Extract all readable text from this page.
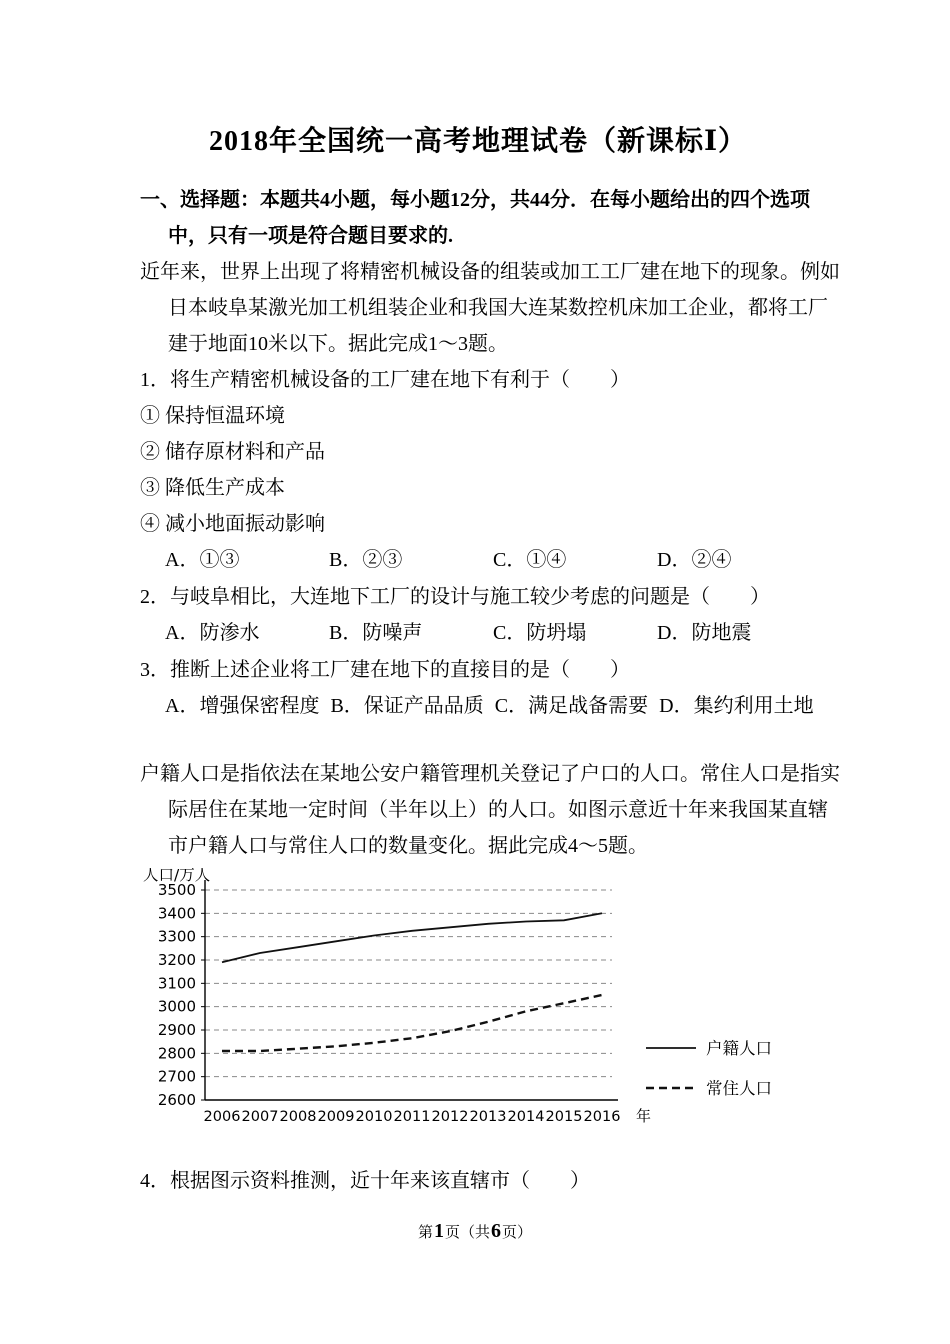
2018年全国统一高考地理试卷（新课标Ⅰ）
一、选择题：本题共4小题，每小题12分，共44分．在每小题给出的四个选项
中，只有一项是符合题目要求的.
近年来，世界上出现了将精密机械设备的组装或加工工厂建在地下的现象。例如
日本岐阜某激光加工机组装企业和我国大连某数控机床加工企业，都将工厂
建于地面10米以下。据此完成1～3题。
1．将生产精密机械设备的工厂建在地下有利于（　　）
① 保持恒温环境
② 储存原材料和产品
③ 降低生产成本
④ 减小地面振动影响
A．①③	B．②③	C．①④	D．②④
2．与岐阜相比，大连地下工厂的设计与施工较少考虑的问题是（　　）
A．防渗水	B．防噪声	C．防坍塌	D．防地震
3．推断上述企业将工厂建在地下的直接目的是（　　）
A．增强保密程度 B．保证产品品质 C．满足战备需要 D．集约利用土地
户籍人口是指依法在某地公安户籍管理机关登记了户口的人口。常住人口是指实
际居住在某地一定时间（半年以上）的人口。如图示意近十年来我国某直辖
市户籍人口与常住人口的数量变化。据此完成4～5题。
2600
2700
2800
2900
3000
3100
3200
3300
3400
3500
2006 2007 2008 2009 2010 2011 2012 2013 2014 2015 2016 年
人口/万人
户籍人口
常住人口
4．根据图示资料推测，近十年来该直辖市（　　）
第1页（共6页）
